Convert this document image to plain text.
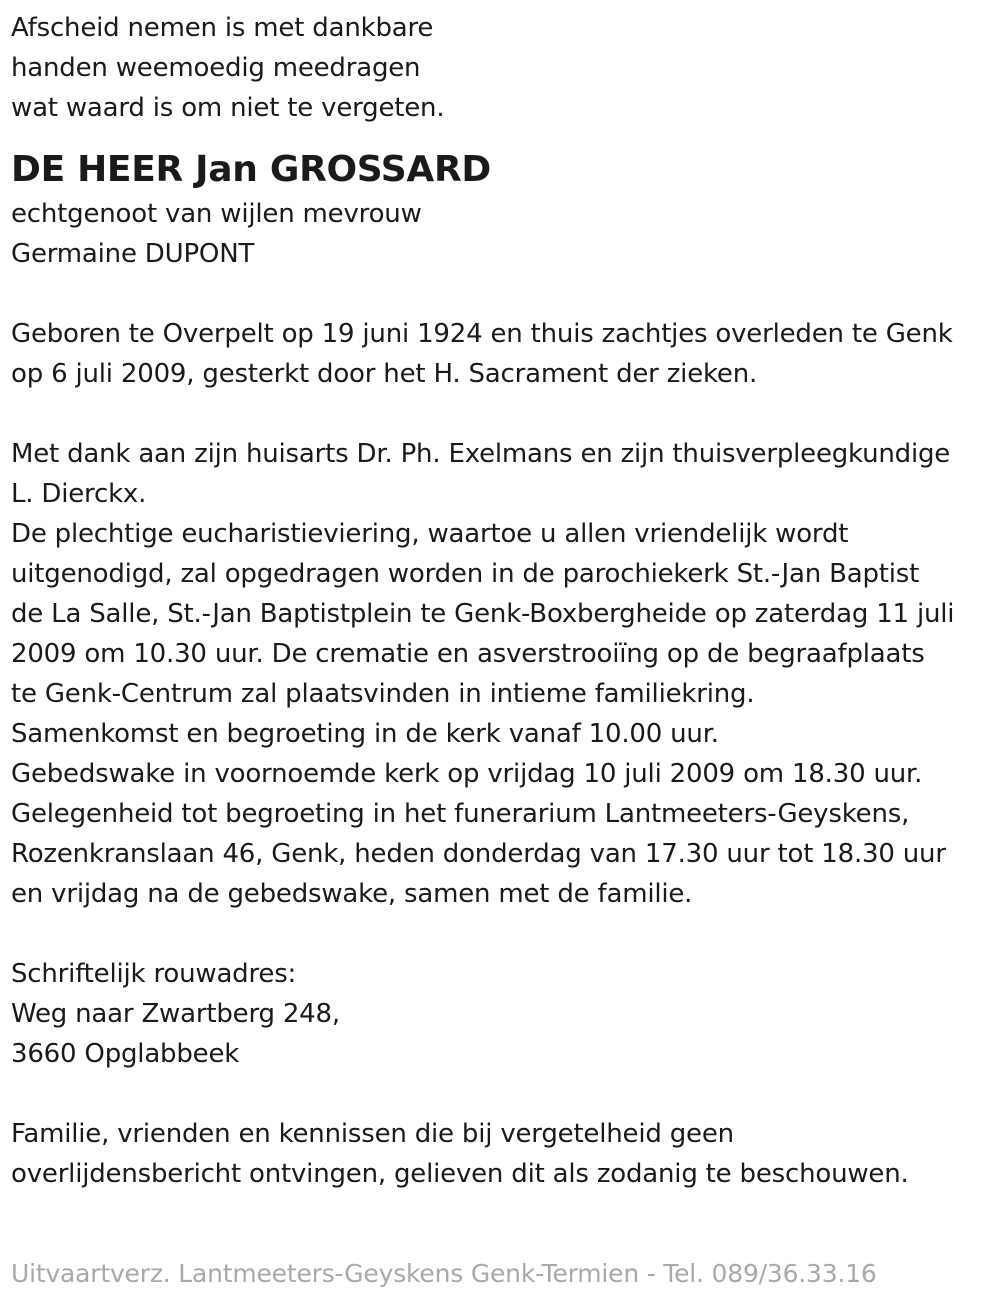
Afscheid nemen is met dankbare
handen weemoedig meedragen
wat waard is om niet te vergeten.
DE HEER Jan GROSSARD
echtgenoot van wijlen mevrouw
Germaine DUPONT
Geboren te Overpelt op 19 juni 1924 en thuis zachtjes overleden te Genk
op 6 juli 2009, gesterkt door het H. Sacrament der zieken.
Met dank aan zijn huisarts Dr. Ph. Exelmans en zijn thuisverpleegkundige
L. Dierckx.
De plechtige eucharistieviering, waartoe u allen vriendelijk wordt
uitgenodigd, zal opgedragen worden in de parochiekerk St.-Jan Baptist
de La Salle, St.-Jan Baptistplein te Genk-Boxbergheide op zaterdag 11 juli
2009 om 10.30 uur. De crematie en asverstrooiïng op de begraafplaats
te Genk-Centrum zal plaatsvinden in intieme familiekring.
Samenkomst en begroeting in de kerk vanaf 10.00 uur.
Gebedswake in voornoemde kerk op vrijdag 10 juli 2009 om 18.30 uur.
Gelegenheid tot begroeting in het funerarium Lantmeeters-Geyskens,
Rozenkranslaan 46, Genk, heden donderdag van 17.30 uur tot 18.30 uur
en vrijdag na de gebedswake, samen met de familie.
Schriftelijk rouwadres:
Weg naar Zwartberg 248,
3660 Opglabbeek
Familie, vrienden en kennissen die bij vergetelheid geen
overlijdensbericht ontvingen, gelieven dit als zodanig te beschouwen.
Uitvaartverz. Lantmeeters-Geyskens Genk-Termien - Tel. 089/36.33.16
